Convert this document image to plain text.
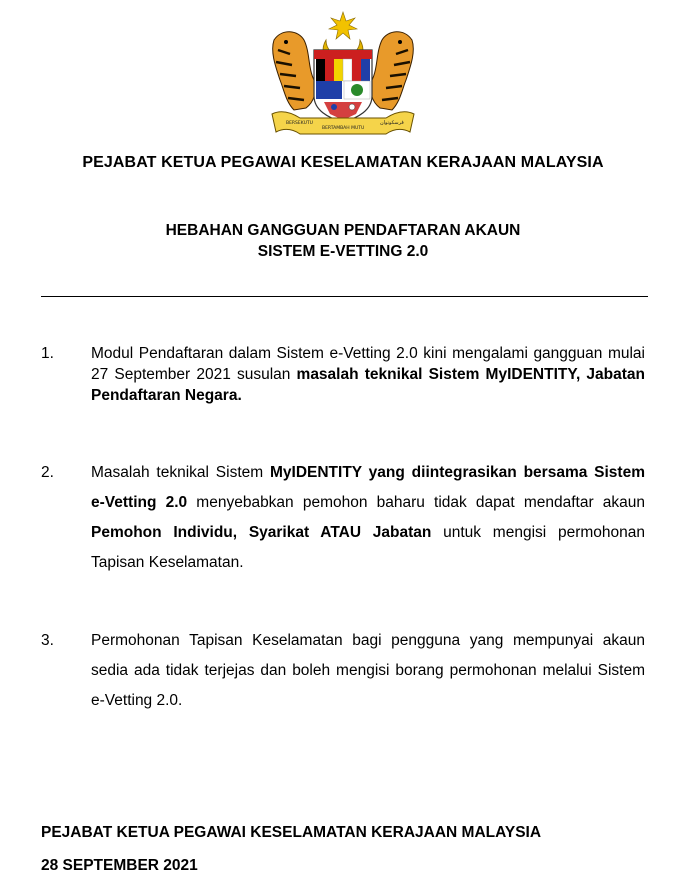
BERSEKUTU
BERTAMBAH MUTU
ڤرسكوتوان
PEJABAT KETUA PEGAWAI KESELAMATAN KERAJAAN MALAYSIA
HEBAHAN GANGGUAN PENDAFTARAN AKAUN
SISTEM E-VETTING 2.0
1. Modul Pendaftaran dalam Sistem e-Vetting 2.0 kini mengalami gangguan mulai 27 September 2021 susulan masalah teknikal Sistem MyIDENTITY, Jabatan Pendaftaran Negara.
2. Masalah teknikal Sistem MyIDENTITY yang diintegrasikan bersama Sistem e-Vetting 2.0 menyebabkan pemohon baharu tidak dapat mendaftar akaun Pemohon Individu, Syarikat ATAU Jabatan untuk mengisi permohonan Tapisan Keselamatan.
3. Permohonan Tapisan Keselamatan bagi pengguna yang mempunyai akaun sedia ada tidak terjejas dan boleh mengisi borang permohonan melalui Sistem e-Vetting 2.0.
PEJABAT KETUA PEGAWAI KESELAMATAN KERAJAAN MALAYSIA
28 SEPTEMBER 2021
